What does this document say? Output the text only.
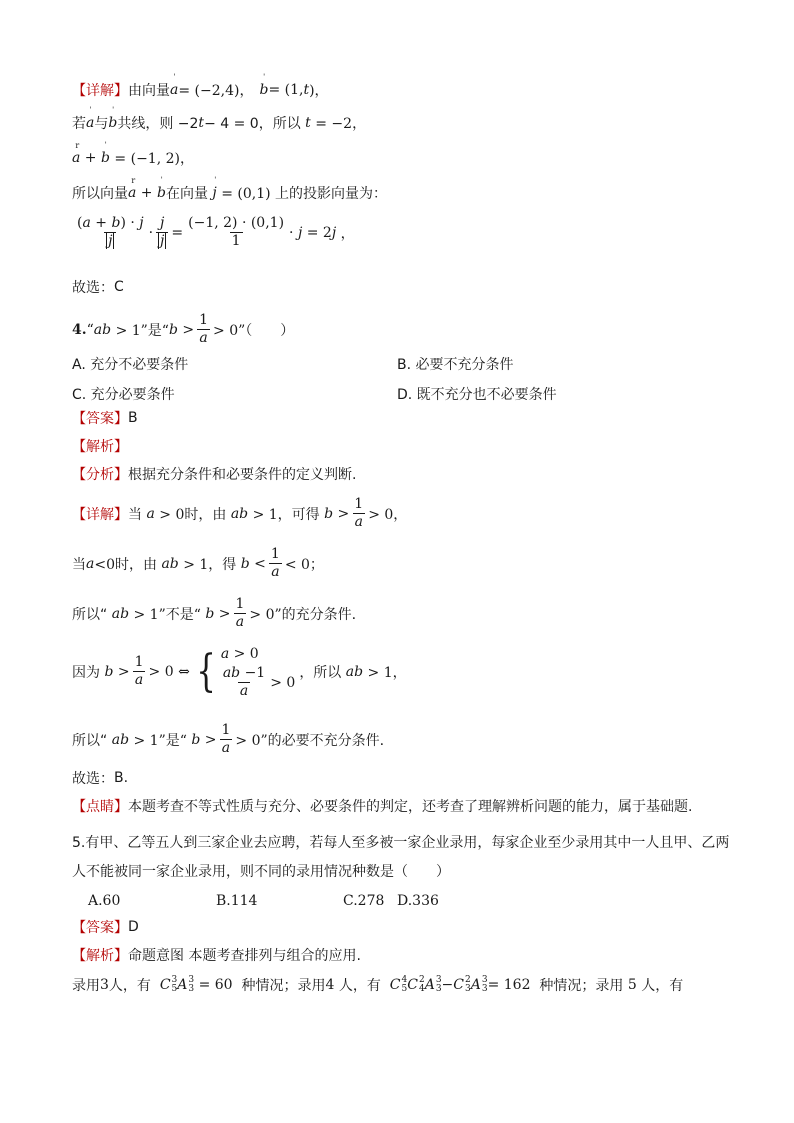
【详解】 由向量 a
ˈ
= (−2,4)， b
ˈ
= (1, t )，
若 a
ˈ
与 b
ˈ
共线，则 −2 t − 4 = 0，所以
t
= −2，
a
r
+ b
ˈ

= (−1, 2)，
所以向量 a
r
+ b
ˈ
在向量
j
ˈ

= (0,1) 上的投影向量为：
$\frac{(a + b) \cdot j}{j} \cdot \frac{j}{j} = \frac{(-1, 2) \cdot (0,1)}{1} \cdot j$
= 2 j ，
故选： C
4. “ ab
> 1”是“ $b > \frac{1}{a}$ > 0”（　　）
A. 充分不必要条件	B. 必要不充分条件
C. 充分必要条件	D. 既不充分也不必要条件
【答案】 B
【解析】
【分析】 根据充分条件和必要条件的定义判断.
【详解】 当
a
> 0时，由
ab
> 1，可得
$b > \frac{1}{a} > 0$，
当 a <0时，由
ab
> 1，得
$b < \frac{1}{a} < 0$；
所以“
ab
> 1”不是“
$b > \frac{1}{a} > 0$”的充分条件.
因为
$b > \frac{1}{a} > 0$ ⇔ { a > 0
$\frac{ab -1}{a} > 0$
，所以
ab
> 1，
所以“
ab
> 1”是“
$b > \frac{1}{a} > 0$”的必要不充分条件.
故选： B.
【点睛】 本题考查不等式性质与充分、必要条件的判定，还考查了理解辨析问题的能力，属于基础题.
5.有甲、乙等五人到三家企业去应聘，若每人至多被一家企业录用，每家企业至少录用其中一人且甲、乙两
人不能被同一家企业录用，则不同的录用情况种数是（　　）
A.60	B.114	C.278 D.336
【答案】 D
【解析】 命题意图 本题考查排列与组合的应用.
录用 3 人，有
C 3
5 A 3
3
= 60
种情况；录用 4
人，有
C 4
5 C 2
4 A 3
3 − C 2
3 A 3
3 = 162
种情况；录用
5
人，有
